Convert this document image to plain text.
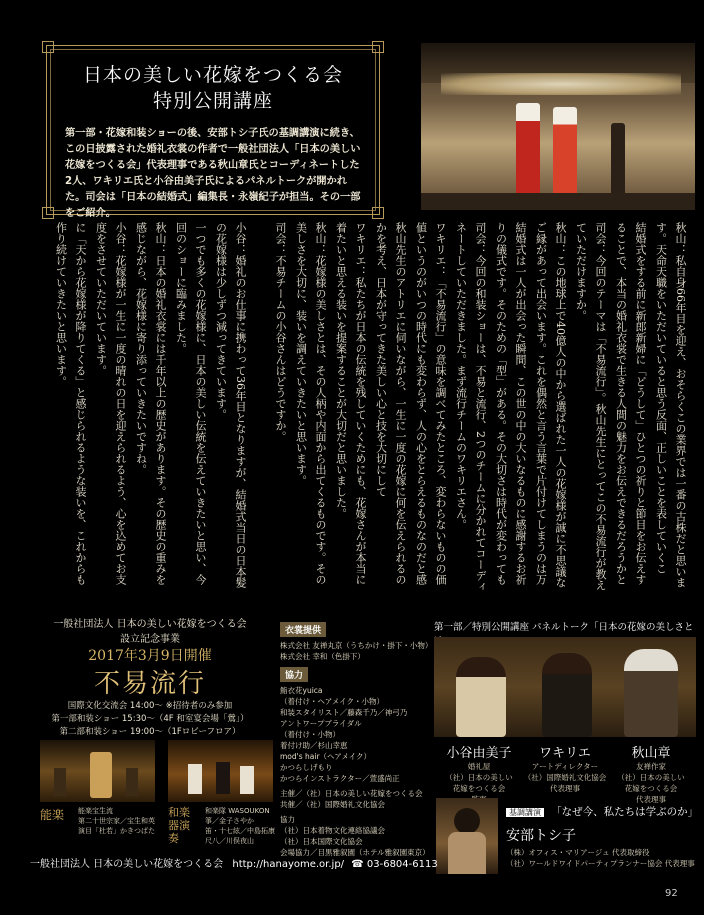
日本の美しい花嫁をつくる会
特別公開講座
第一部・花嫁和装ショーの後、安部トシ子氏の基調講演に続き、この日披露された婚礼衣裳の作者で一般社団法人「日本の美しい花嫁をつくる会」代表理事である秋山章氏とコーディネートした2人、ワキリエ氏と小谷由美子氏によるパネルトークが開かれた。司会は「日本の結婚式」編集長・永嶺紀子が担当。その一部をご紹介。
秋山：私自身66年目を迎え、おそらくこの業界では一番の古株だと思います。天命天職をいただいていると思う反面、正しいことを表していくこ
結婚式をする前に新郎新婦に「どうして」ひとつの祈りと節目をお伝えすることで、本当の婚礼衣裳で生きる人間の魅力をお伝えできるだろうかと
司会：今回のテーマは「不易流行」。秋山先生にとってこの不易流行が教えていただけますか。
秋山：この地球上で40億人の中から選ばれた一人の花嫁様が誠に不思議なご縁があって出会います。これを偶然と言う言葉で片付けてしまうのは万
結婚式は一人が出会った瞬間、この世の中の大いなるものに感謝するお祈りの儀式です。そのための「型」がある。その大切さは時代が変わっても
司会：今回の和装ショーは、不易と流行、2つのチームに分かれてコーディネートしていただきました。まず流行チームのワキリエさん。
ワキリエ：「不易流行」の意味を調べてみたところ、変わらないものの価値というのがいつの時代にも変わらず、人の心をとらえるものなのだと感
秋山先生のアトリエに伺いながら、一生に一度の花嫁に何を伝えられるのかを考え、日本が守ってきた美しい心と技を大切にして
ワキリエ：私たちが日本の伝統を残していくためにも、花嫁さんが本当に着たいと思える装いを提案することが大切だと思いました。
秋山：花嫁様の美しさとは、その人柄や内面から出てくるものです。その美しさを大切に、装いを調えていきたいと思います。
司会：不易チームの小谷さんはどうですか。
小谷：婚礼のお仕事に携わって36年目となりますが、結婚式当日の日本髪の花嫁様は少しずつ減ってきています。
一つでも多くの花嫁様に、日本の美しい伝統を伝えていきたいと思い、今回のショーに臨みました。
秋山：日本の婚礼衣裳には千年以上の歴史があります。その歴史の重みを感じながら、花嫁様に寄り添っていきたいですね。
小谷：花嫁様が一生に一度の晴れの日を迎えられるよう、心を込めてお支度をさせていただいています。
に「天から花嫁様が降りてくる」と感じられるような装いを、これからも作り続けていきたいと思います。
一般社団法人 日本の美しい花嫁をつくる会
設立記念事業
2017年3月9日開催
不易流行
国際文化交流会 14:00～ ※招待者のみ参加
第一部和装ショー 15:30～（4F 和室宴会場「鶯」）
第二部和装ショー 19:00～（1Fロビーフロア）
能楽 能楽宝生流
第二十世宗家／宝生和英
演目「杜若」かきつばた
和楽器演奏
和楽隊 WASOUKON
箏／金子さやか
笛・十七絃／中島拓康
尺八／川俣夜山
衣裳提供
株式会社 友禅丸京（うちかけ・掛下・小物）
株式会社 幸和（色掛下）
協力
鮨衣花yuica
（着付け・ヘアメイク・小物）
和装スタイリスト／藤森千乃／神弓乃
アントワープブライダル
（着付け・小物）
着付け助／杉山幸恵
mod's hair（ヘアメイク）
かつらしげもり
かつらインストラクター／萱盛尚正
主催／（社）日本の美しい花嫁をつくる会
共催／（社）国際婚礼文化協会
協力
（社）日本着物文化連絡協議会
（社）日本国際文化協会
会場協力／目黒雅叙園（ホテル雅叙園東京）
第一部／特別公開講座 パネルトーク「日本の花嫁の美しさと
小谷由美子
婚礼屋
（社）日本の美しい
花嫁をつくる会
ワキリエ
アートディレクター
（社）国際婚礼文化協会
代表理事
秋山章
友禅作家
（社）日本の美しい
花嫁をつくる会
代表理事
基調講演 「なぜ今、私たちは学ぶのか」
安部トシ子
（株）オフィス・マリアージュ 代表取締役
（社）ワールドワイドパーティプランナー協会 代表理事
一般社団法人 日本の美しい花嫁をつくる会 http://hanayome.or.jp/ ☎ 03-6804-6113
92
